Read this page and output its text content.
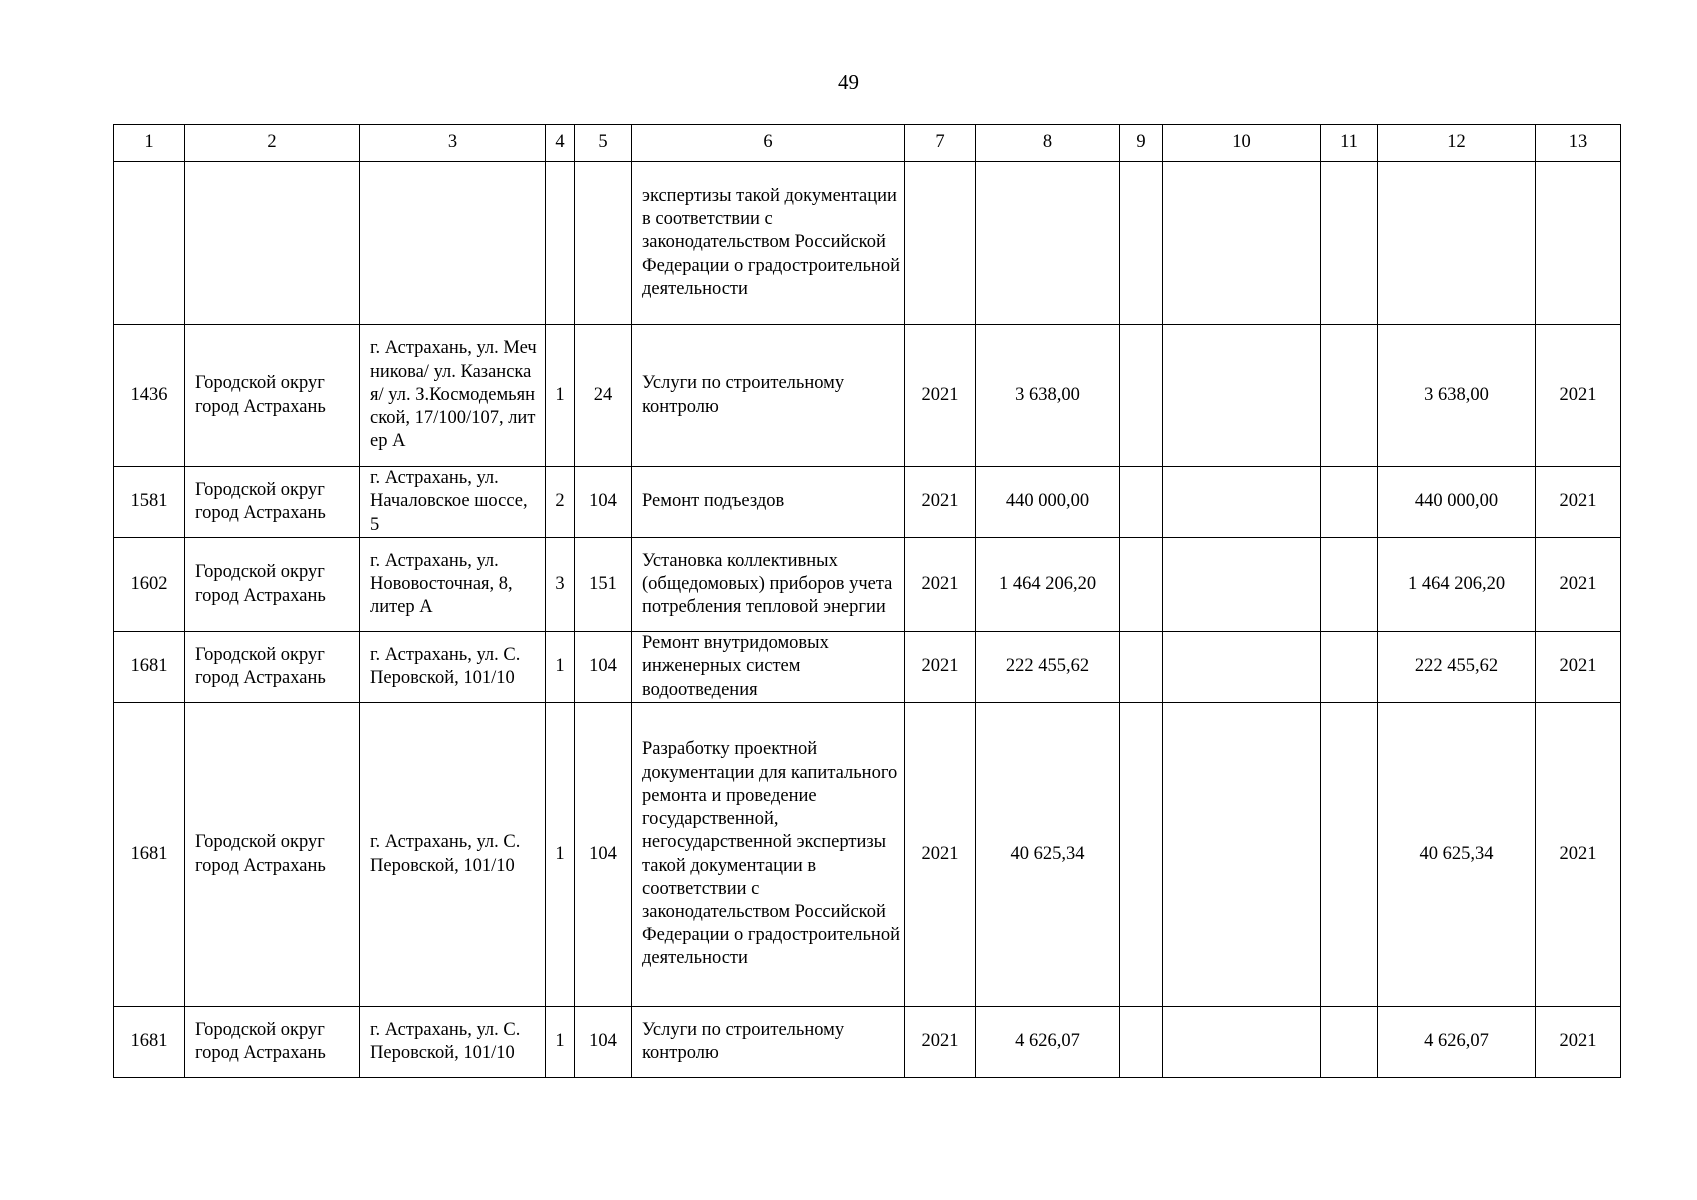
49
1	2	3	4	5	6	7	8	9	10	11	12	13
					экспертизы такой документации в соответствии с законодательством Российской Федерации о градостроительной деятельности							
1436	Городской округ город Астрахань	г. Астрахань, ул. Мечникова/ ул. Казанская/ ул. З.Космодемьянской, 17/100/107, литер А	1	24	Услуги по строительному контролю	2021	3 638,00				3 638,00	2021
1581	Городской округ город Астрахань	г. Астрахань, ул. Началовское шоссе, 5	2	104	Ремонт подъездов	2021	440 000,00				440 000,00	2021
1602	Городской округ город Астрахань	г. Астрахань, ул. Нововосточная, 8, литер А	3	151	Установка коллективных (общедомовых) приборов учета потребления тепловой энергии	2021	1 464 206,20				1 464 206,20	2021
1681	Городской округ город Астрахань	г. Астрахань, ул. С. Перовской, 101/10	1	104	Ремонт внутридомовых инженерных систем водоотведения	2021	222 455,62				222 455,62	2021
1681	Городской округ город Астрахань	г. Астрахань, ул. С. Перовской, 101/10	1	104	Разработку проектной документации для капитального ремонта и проведение государственной, негосударственной экспертизы такой документации в соответствии с законодательством Российской Федерации о градостроительной деятельности	2021	40 625,34				40 625,34	2021
1681	Городской округ город Астрахань	г. Астрахань, ул. С. Перовской, 101/10	1	104	Услуги по строительному контролю	2021	4 626,07				4 626,07	2021
